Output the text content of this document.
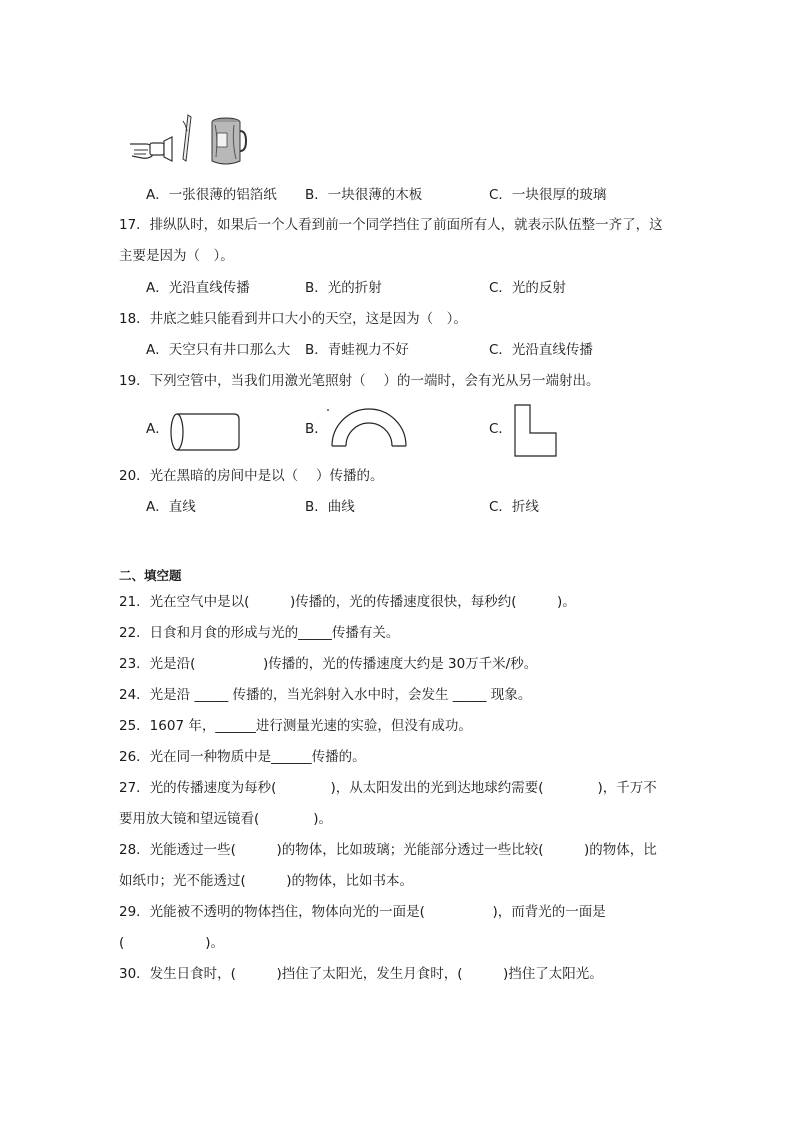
A．一张很薄的铝箔纸 B．一块很薄的木板	C．一块很厚的玻璃
17．排纵队时，如果后一个人看到前一个同学挡住了前面所有人，就表示队伍整一齐了，这
主要是因为（　）。
A．光沿直线传播	B．光的折射	C．光的反射
18．井底之蛙只能看到井口大小的天空，这是因为（　）。
A．天空只有井口那么大 B．青蛙视力不好	C．光沿直线传播
19．下列空管中，当我们用激光笔照射（　 ）的一端时，会有光从另一端射出。
A．	B．	C．
20．光在黑暗的房间中是以（　 ）传播的。
A．直线	B．曲线	C．折线
二、填空题
21．光在空气中是以(　　　)传播的，光的传播速度很快，每秒约(　　　)。
22．日食和月食的形成与光的_____传播有关。
23．光是沿(　　　　　)传播的，光的传播速度大约是 30万千米/秒。
24．光是沿 _____ 传播的，当光斜射入水中时，会发生 _____ 现象。
25．1607 年，______进行测量光速的实验，但没有成功。
26．光在同一种物质中是______传播的。
27．光的传播速度为每秒(　　　　)，从太阳发出的光到达地球约需要(　　　　)，千万不
要用放大镜和望远镜看(　　　　)。
28．光能透过一些(　　　)的物体，比如玻璃；光能部分透过一些比较(　　　)的物体，比
如纸巾；光不能透过(　　　)的物体，比如书本。
29．光能被不透明的物体挡住，物体向光的一面是(　　　　　)，而背光的一面是
(　　　　　　)。
30．发生日食时，(　　　)挡住了太阳光，发生月食时，(　　　)挡住了太阳光。
